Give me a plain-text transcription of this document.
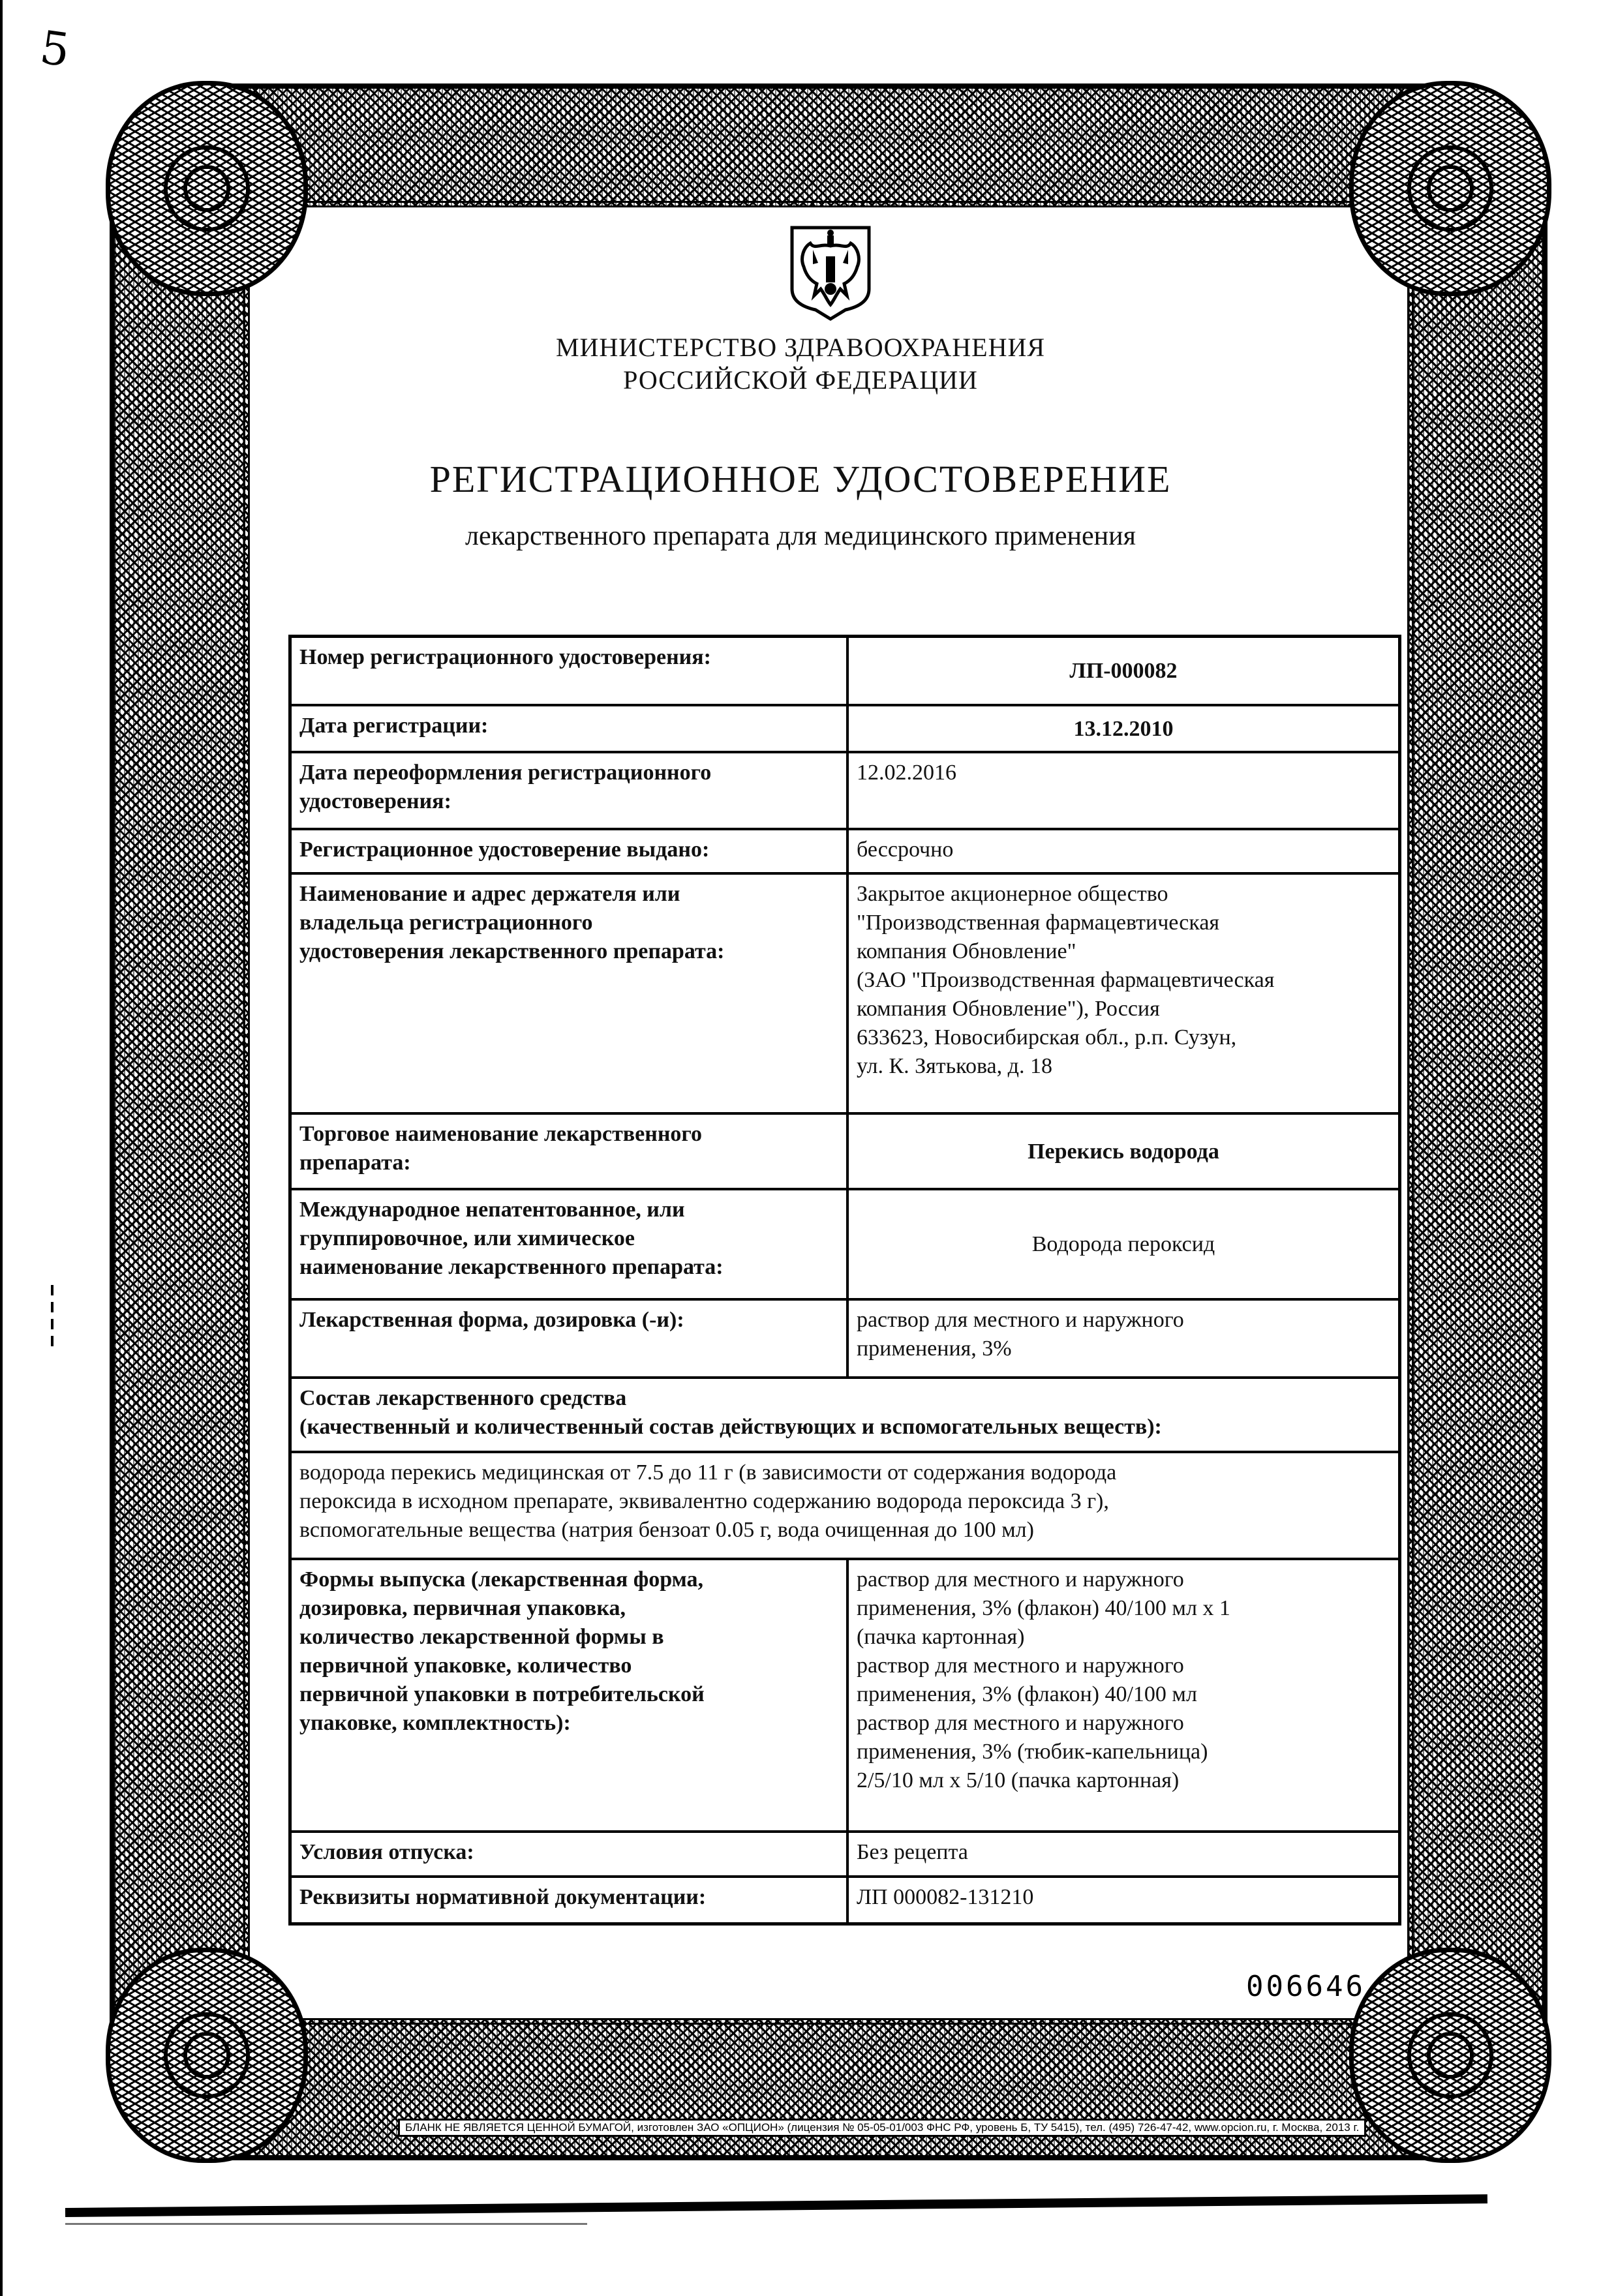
5
БЛАНК НЕ ЯВЛЯЕТСЯ ЦЕННОЙ БУМАГОЙ, изготовлен ЗАО «ОПЦИОН» (лицензия № 05-05-01/003 ФНС РФ, уровень Б, ТУ 5415), тел. (495) 726-47-42, www.opcion.ru, г. Москва, 2013 г.
МИНИСТЕРСТВО ЗДРАВООХРАНЕНИЯ
РОССИЙСКОЙ ФЕДЕРАЦИИ
РЕГИСТРАЦИОННОЕ УДОСТОВЕРЕНИЕ
лекарственного препарата для медицинского применения
Номер регистрационного удостоверения:	ЛП-000082
Дата регистрации:	13.12.2010

Дата переоформления регистрационного
удостоверения:	12.02.2016
Регистрационное удостоверение выдано:	бессрочно

Наименование и адрес держателя или
владельца регистрационного
удостоверения лекарственного препарата:

Закрытое акционерное общество
"Производственная фармацевтическая
компания Обновление"
(ЗАО "Производственная фармацевтическая
компания Обновление"), Россия
633623, Новосибирская обл., р.п. Сузун,
ул. К. Зятькова, д. 18

Торговое наименование лекарственного
препарата:	Перекись водорода

Международное непатентованное, или
группировочное, или химическое
наименование лекарственного препарата:	Водорода пероксид
Лекарственная форма, дозировка (-и):	раствор для местного и наружного
применения, 3%

Состав лекарственного средства
(качественный и количественный состав действующих и вспомогательных веществ):	

водорода перекись медицинская от 7.5 до 11 г (в зависимости от содержания водорода
пероксида в исходном препарате, эквивалентно содержанию водорода пероксида 3 г),
вспомогательные вещества (натрия бензоат 0.05 г, вода очищенная до 100 мл)	

Формы выпуска (лекарственная форма,
дозировка, первичная упаковка,
количество лекарственной формы в
первичной упаковке, количество
первичной упаковки в потребительской
упаковке, комплектность):

раствор для местного и наружного
применения, 3% (флакон) 40/100 мл х 1
(пачка картонная)
раствор для местного и наружного
применения, 3% (флакон) 40/100 мл
раствор для местного и наружного
применения, 3% (тюбик-капельница)
2/5/10 мл х 5/10 (пачка картонная)

Условия отпуска:	Без рецепта
Реквизиты нормативной документации:	ЛП 000082-131210
006646
